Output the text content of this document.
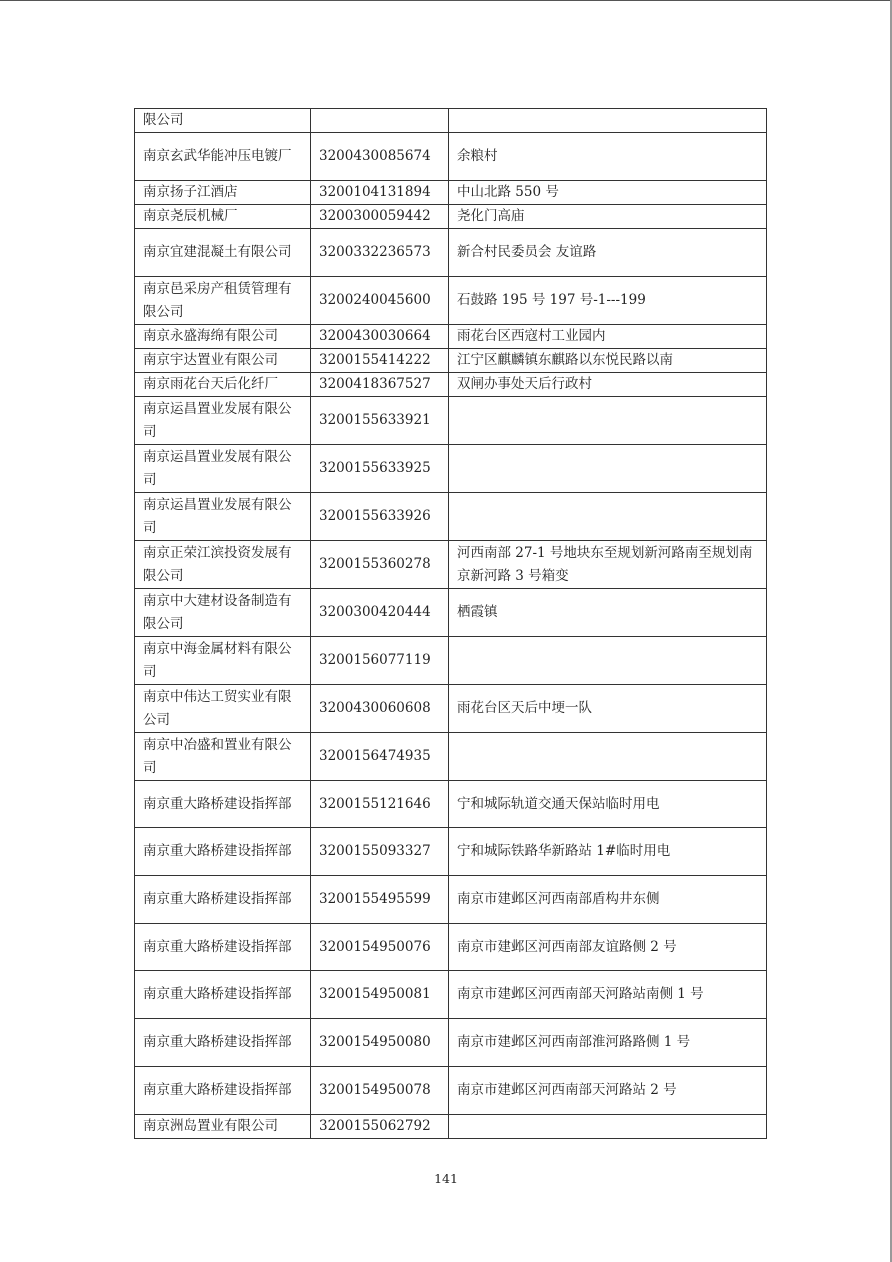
限公司		
南京玄武华能冲压电镀厂	3200430085674	余粮村
南京扬子江酒店	3200104131894	中山北路 550 号
南京尧辰机械厂	3200300059442	尧化门高庙
南京宜建混凝土有限公司	3200332236573	新合村民委员会 友谊路
南京邑采房产租赁管理有限公司	3200240045600	石鼓路 195 号 197 号-1---199
南京永盛海绵有限公司	3200430030664	雨花台区西寇村工业园内
南京宇达置业有限公司	3200155414222	江宁区麒麟镇东麒路以东悦民路以南
南京雨花台天后化纤厂	3200418367527	双闸办事处天后行政村
南京运昌置业发展有限公司	3200155633921	
南京运昌置业发展有限公司	3200155633925	
南京运昌置业发展有限公司	3200155633926	
南京正荣江滨投资发展有限公司	3200155360278	河西南部 27-1 号地块东至规划新河路南至规划南京新河路 3 号箱变
南京中大建材设备制造有限公司	3200300420444	栖霞镇
南京中海金属材料有限公司	3200156077119	
南京中伟达工贸实业有限公司	3200430060608	雨花台区天后中埂一队
南京中冶盛和置业有限公司	3200156474935	
南京重大路桥建设指挥部	3200155121646	宁和城际轨道交通天保站临时用电
南京重大路桥建设指挥部	3200155093327	宁和城际铁路华新路站 1#临时用电
南京重大路桥建设指挥部	3200155495599	南京市建邺区河西南部盾构井东侧
南京重大路桥建设指挥部	3200154950076	南京市建邺区河西南部友谊路侧 2 号
南京重大路桥建设指挥部	3200154950081	南京市建邺区河西南部天河路站南侧 1 号
南京重大路桥建设指挥部	3200154950080	南京市建邺区河西南部淮河路路侧 1 号
南京重大路桥建设指挥部	3200154950078	南京市建邺区河西南部天河路站 2 号
南京洲岛置业有限公司	3200155062792	
141
